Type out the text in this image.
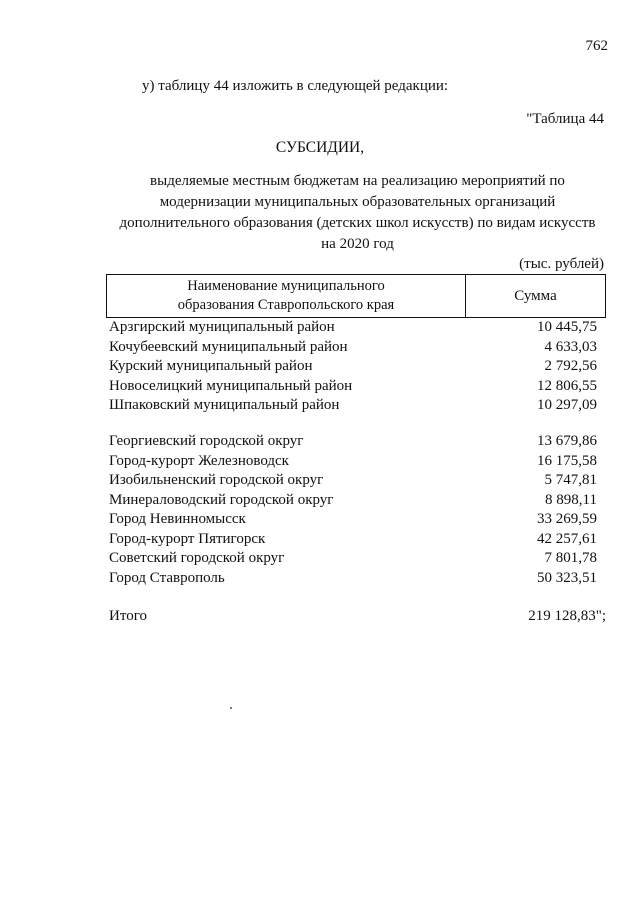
762
у) таблицу 44 изложить в следующей редакции:
"Таблица 44
СУБСИДИИ,
выделяемые местным бюджетам на реализацию мероприятий по
модернизации муниципальных образовательных организаций
дополнительного образования (детских школ искусств) по видам искусств
на 2020 год
(тыс. рублей)
Наименование муниципального
образования Ставропольского края
Сумма
Арзгирский муниципальный район	10 445,75
Кочубеевский муниципальный район	4 633,03
Курский муниципальный район	2 792,56
Новоселицкий муниципальный район	12 806,55
Шпаковский муниципальный район	10 297,09
Георгиевский городской округ	13 679,86
Город-курорт Железноводск	16 175,58
Изобильненский городской округ	5 747,81
Минераловодский городской округ	8 898,11
Город Невинномысск	33 269,59
Город-курорт Пятигорск	42 257,61
Советский городской округ	7 801,78
Город Ставрополь	50 323,51
Итого	219 128,83";
